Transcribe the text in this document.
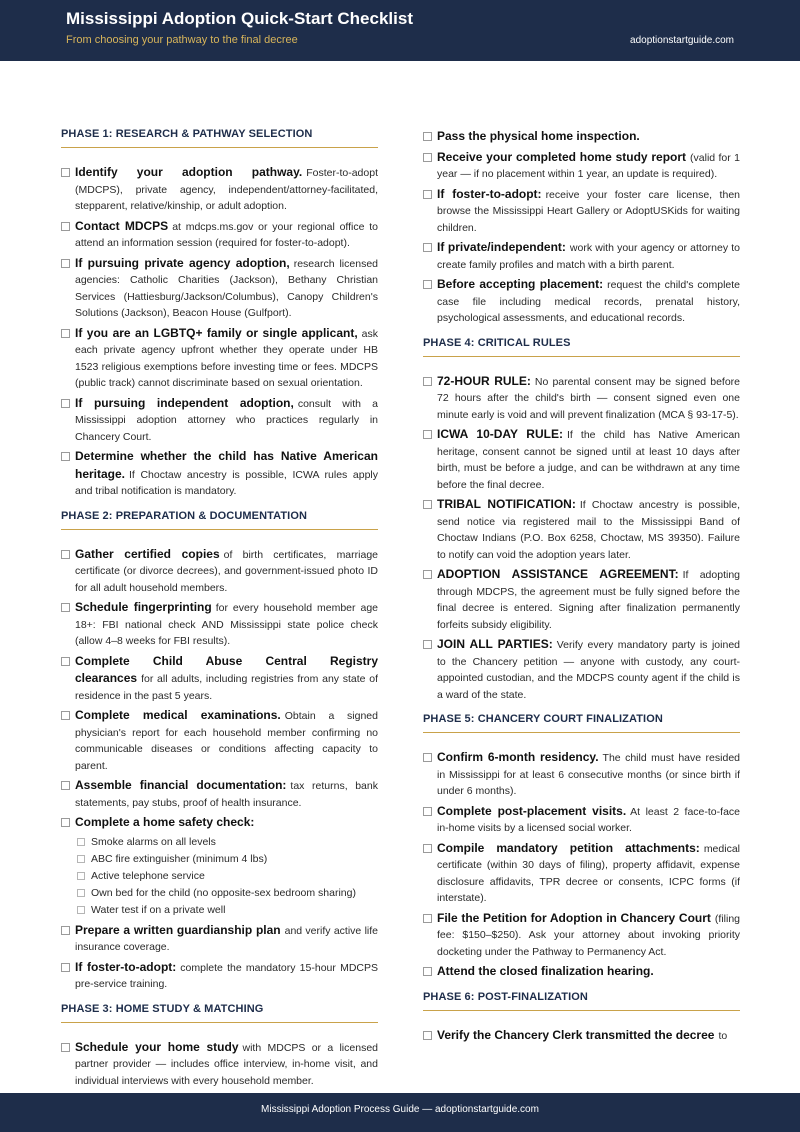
Mississippi Adoption Quick-Start Checklist
From choosing your pathway to the final decree	adoptionstartguide.com
PHASE 1: RESEARCH & PATHWAY SELECTION
Identify your adoption pathway. Foster-to-adopt (MDCPS), private agency, independent/attorney-facilitated, stepparent, relative/kinship, or adult adoption.
Contact MDCPS at mdcps.ms.gov or your regional office to attend an information session (required for foster-to-adopt).
If pursuing private agency adoption, research licensed agencies: Catholic Charities (Jackson), Bethany Christian Services (Hattiesburg/Jackson/Columbus), Canopy Children's Solutions (Jackson), Beacon House (Gulfport).
If you are an LGBTQ+ family or single applicant, ask each private agency upfront whether they operate under HB 1523 religious exemptions before investing time or fees. MDCPS (public track) cannot discriminate based on sexual orientation.
If pursuing independent adoption, consult with a Mississippi adoption attorney who practices regularly in Chancery Court.
Determine whether the child has Native American heritage. If Choctaw ancestry is possible, ICWA rules apply and tribal notification is mandatory.
PHASE 2: PREPARATION & DOCUMENTATION
Gather certified copies of birth certificates, marriage certificate (or divorce decrees), and government-issued photo ID for all adult household members.
Schedule fingerprinting for every household member age 18+: FBI national check AND Mississippi state police check (allow 4–8 weeks for FBI results).
Complete Child Abuse Central Registry clearances for all adults, including registries from any state of residence in the past 5 years.
Complete medical examinations. Obtain a signed physician's report for each household member confirming no communicable diseases or conditions affecting capacity to parent.
Assemble financial documentation: tax returns, bank statements, pay stubs, proof of health insurance.
Complete a home safety check:
Smoke alarms on all levels
ABC fire extinguisher (minimum 4 lbs)
Active telephone service
Own bed for the child (no opposite-sex bedroom sharing)
Water test if on a private well
Prepare a written guardianship plan and verify active life insurance coverage.
If foster-to-adopt: complete the mandatory 15-hour MDCPS pre-service training.
PHASE 3: HOME STUDY & MATCHING
Schedule your home study with MDCPS or a licensed partner provider — includes office interview, in-home visit, and individual interviews with every household member.
Pass the physical home inspection.
Receive your completed home study report (valid for 1 year — if no placement within 1 year, an update is required).
If foster-to-adopt: receive your foster care license, then browse the Mississippi Heart Gallery or AdoptUSKids for waiting children.
If private/independent: work with your agency or attorney to create family profiles and match with a birth parent.
Before accepting placement: request the child's complete case file including medical records, prenatal history, psychological assessments, and educational records.
PHASE 4: CRITICAL RULES
72-HOUR RULE: No parental consent may be signed before 72 hours after the child's birth — consent signed even one minute early is void and will prevent finalization (MCA § 93-17-5).
ICWA 10-DAY RULE: If the child has Native American heritage, consent cannot be signed until at least 10 days after birth, must be before a judge, and can be withdrawn at any time before the final decree.
TRIBAL NOTIFICATION: If Choctaw ancestry is possible, send notice via registered mail to the Mississippi Band of Choctaw Indians (P.O. Box 6258, Choctaw, MS 39350). Failure to notify can void the adoption years later.
ADOPTION ASSISTANCE AGREEMENT: If adopting through MDCPS, the agreement must be fully signed before the final decree is entered. Signing after finalization permanently forfeits subsidy eligibility.
JOIN ALL PARTIES: Verify every mandatory party is joined to the Chancery petition — anyone with custody, any court-appointed custodian, and the MDCPS county agent if the child is a ward of the state.
PHASE 5: CHANCERY COURT FINALIZATION
Confirm 6-month residency. The child must have resided in Mississippi for at least 6 consecutive months (or since birth if under 6 months).
Complete post-placement visits. At least 2 face-to-face in-home visits by a licensed social worker.
Compile mandatory petition attachments: medical certificate (within 30 days of filing), property affidavit, expense disclosure affidavits, TPR decree or consents, ICPC forms (if interstate).
File the Petition for Adoption in Chancery Court (filing fee: $150–$250). Ask your attorney about invoking priority docketing under the Pathway to Permanency Act.
Attend the closed finalization hearing.
PHASE 6: POST-FINALIZATION
Verify the Chancery Clerk transmitted the decree to
Mississippi Adoption Process Guide — adoptionstartguide.com
